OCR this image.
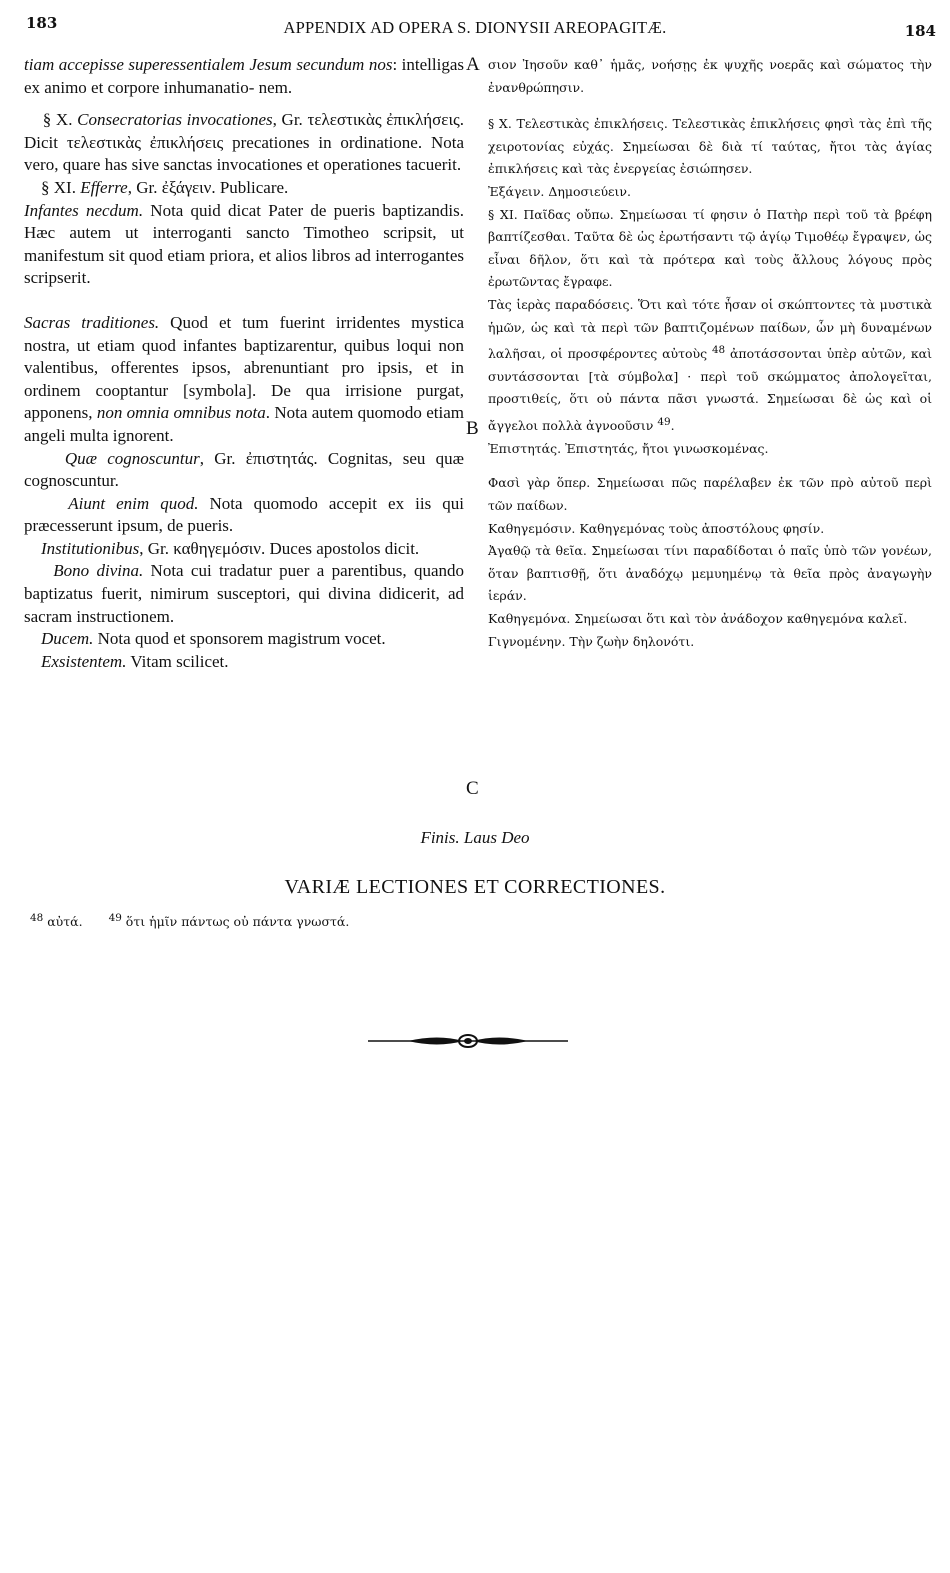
183	APPENDIX AD OPERA S. DIONYSII AREOPAGITÆ.	184

tiam accepisse superessentialem Jesum secundum nos: intelligas ex animo et corpore inhumanatio- nem.

§ X. Consecratorias invocationes, Gr. τελεστικὰς ἐπικλήσεις. Dicit τελεστικὰς ἐπικλήσεις precationes in ordinatione. Nota vero, quare has sive sanctas invocationes et operationes tacuerit.

§ XI. Efferre, Gr. ἐξάγειν. Publicare.

Infantes necdum. Nota quid dicat Pater de pueris baptizandis. Hæc autem ut interroganti sancto Timotheo scripsit, ut manifestum sit quod etiam priora, et alios libros ad interrogantes scripserit.

Sacras traditiones. Quod et tum fuerint irridentes mystica nostra, ut etiam quod infantes baptizarentur, quibus loqui non valentibus, offerentes ipsos, abrenuntiant pro ipsis, et in ordinem cooptantur [symbola]. De qua irrisione purgat, apponens, non omnia omnibus nota. Nota autem quomodo etiam angeli multa ignorent.

Quæ cognoscuntur, Gr. ἐπιστητάς. Cognitas, seu quæ cognoscuntur.

Aiunt enim quod. Nota quomodo accepit ex iis qui præcesserunt ipsum, de pueris.

Institutionibus, Gr. καθηγεμόσιν. Duces apostolos dicit.

Bono divina. Nota cui tradatur puer a parentibus, quando baptizatus fuerit, nimirum susceptori, qui divina didicerit, ad sacram instructionem.

Ducem. Nota quod et sponsorem magistrum vocet.

Exsistentem. Vitam scilicet.

A
B
C

σιον Ἰησοῦν καθ᾽ ἡμᾶς, νοήσῃς ἐκ ψυχῆς νοερᾶς καὶ σώματος τὴν ἐνανθρώπησιν.

§ X. Τελεστικὰς ἐπικλήσεις. Τελεστικὰς ἐπικλήσεις φησὶ τὰς ἐπὶ τῆς χειροτονίας εὐχάς. Σημείωσαι δὲ διὰ τί ταύτας, ἤτοι τὰς ἁγίας ἐπικλήσεις καὶ τὰς ἐνεργείας ἐσιώπησεν.

Ἐξάγειν. Δημοσιεύειν.

§ XI. Παῖδας οὔπω. Σημείωσαι τί φησιν ὁ Πατὴρ περὶ τοῦ τὰ βρέφη βαπτίζεσθαι. Ταῦτα δὲ ὡς ἐρωτήσαντι τῷ ἁγίῳ Τιμοθέῳ ἔγραψεν, ὡς εἶναι δῆλον, ὅτι καὶ τὰ πρότερα καὶ τοὺς ἄλλους λόγους πρὸς ἐρωτῶντας ἔγραφε.

Τὰς ἱερὰς παραδόσεις. Ὅτι καὶ τότε ἦσαν οἱ σκώπτοντες τὰ μυστικὰ ἡμῶν, ὡς καὶ τὰ περὶ τῶν βαπτιζομένων παίδων, ὧν μὴ δυναμένων λαλῆσαι, οἱ προσφέροντες αὐτοὺς $^{48}$ ἀποτάσσονται ὑπὲρ αὐτῶν, καὶ συντάσσονται [τὰ σύμβολα] · περὶ τοῦ σκώμματος ἀπολογεῖται, προστιθείς, ὅτι οὐ πάντα πᾶσι γνωστά. Σημείωσαι δὲ ὡς καὶ οἱ ἄγγελοι πολλὰ ἀγνοοῦσιν $^{49}$.

Ἐπιστητάς. Ἐπιστητάς, ἤτοι γινωσκομένας.

Φασὶ γὰρ ὅπερ. Σημείωσαι πῶς παρέλαβεν ἐκ τῶν πρὸ αὐτοῦ περὶ τῶν παίδων.

Καθηγεμόσιν. Καθηγεμόνας τοὺς ἀποστόλους φησίν.

Ἀγαθῷ τὰ θεῖα. Σημείωσαι τίνι παραδίδοται ὁ παῖς ὑπὸ τῶν γονέων, ὅταν βαπτισθῇ, ὅτι ἀναδόχῳ μεμυημένῳ τὰ θεῖα πρὸς ἀναγωγὴν ἱεράν.

Καθηγεμόνα. Σημείωσαι ὅτι καὶ τὸν ἀνάδοχον καθηγεμόνα καλεῖ.

Γιγνομένην. Τὴν ζωὴν δηλονότι.

Finis. Laus Deo
VARIÆ LECTIONES ET CORRECTIONES.
$^{48}$ αὐτά. $^{49}$ ὅτι ἡμῖν πάντως οὐ πάντα γνωστά.
